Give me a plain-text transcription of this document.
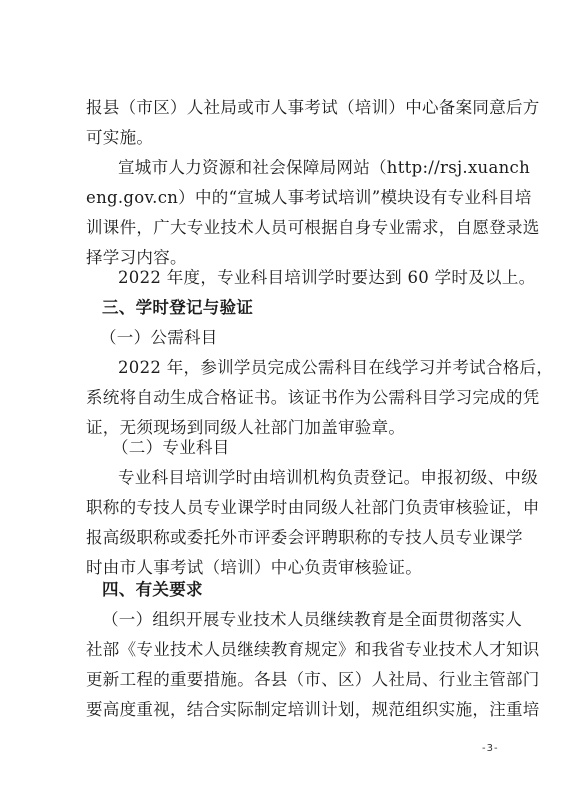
报县（市区）人社局或市人事考试（培训）中心备案同意后方
可实施。
宣城市人力资源和社会保障局网站（http://rsj.xuanch
eng.gov.cn）中的“宣城人事考试培训”模块设有专业科目培
训课件，广大专业技术人员可根据自身专业需求，自愿登录选
择学习内容。
2022 年度，专业科目培训学时要达到 60 学时及以上。
三、学时登记与验证
（一）公需科目
2022 年，参训学员完成公需科目在线学习并考试合格后，
系统将自动生成合格证书。该证书作为公需科目学习完成的凭
证，无须现场到同级人社部门加盖审验章。
（二）专业科目
专业科目培训学时由培训机构负责登记。申报初级、中级
职称的专技人员专业课学时由同级人社部门负责审核验证，申
报高级职称或委托外市评委会评聘职称的专技人员专业课学
时由市人事考试（培训）中心负责审核验证。
四、有关要求
（一）组织开展专业技术人员继续教育是全面贯彻落实人
社部《专业技术人员继续教育规定》和我省专业技术人才知识
更新工程的重要措施。各县（市、区）人社局、行业主管部门
要高度重视，结合实际制定培训计划，规范组织实施，注重培
-3-
